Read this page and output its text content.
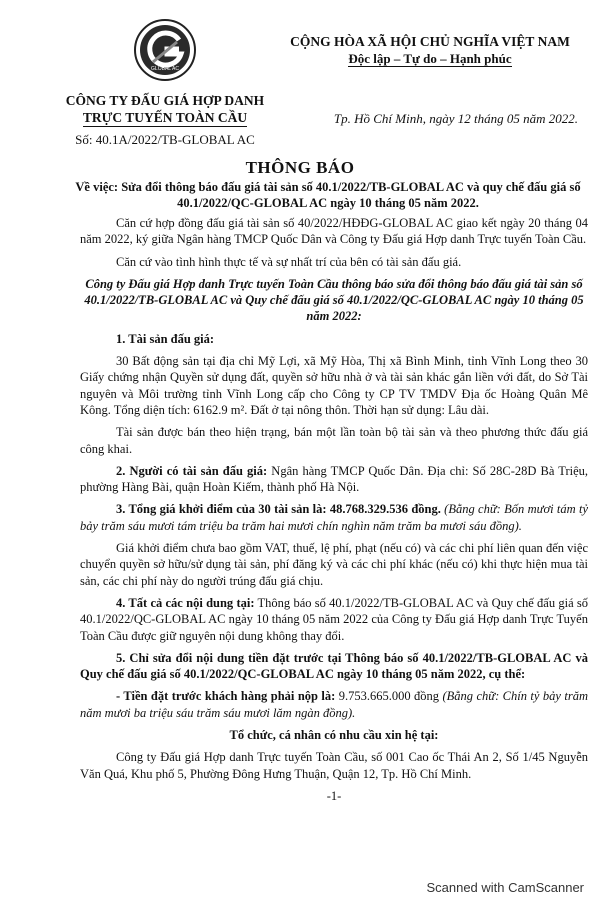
GLOBAL AC
CỘNG HÒA XÃ HỘI CHỦ NGHĨA VIỆT NAM
Độc lập – Tự do – Hạnh phúc
CÔNG TY ĐẤU GIÁ HỢP DANH
TRỰC TUYẾN TOÀN CẦU
Số: 40.1A/2022/TB-GLOBAL AC
Tp. Hồ Chí Minh, ngày 12 tháng 05 năm 2022.
THÔNG BÁO
Về việc: Sửa đổi thông báo đấu giá tài sản số 40.1/2022/TB-GLOBAL AC và quy chế đấu giá số 40.1/2022/QC-GLOBAL AC ngày 10 tháng 05 năm 2022.

Căn cứ hợp đồng đấu giá tài sản số 40/2022/HĐĐG-GLOBAL AC giao kết ngày 20 tháng 04 năm 2022, ký giữa Ngân hàng TMCP Quốc Dân và Công ty Đấu giá Hợp danh Trực tuyến Toàn Cầu.

Căn cứ vào tình hình thực tế và sự nhất trí của bên có tài sản đấu giá.

Công ty Đấu giá Hợp danh Trực tuyến Toàn Cầu thông báo sửa đổi thông báo đấu giá tài sản số 40.1/2022/TB-GLOBAL AC và Quy chế đấu giá số 40.1/2022/QC-GLOBAL AC ngày 10 tháng 05 năm 2022:

1. Tài sản đấu giá:

30 Bất động sản tại địa chỉ Mỹ Lợi, xã Mỹ Hòa, Thị xã Bình Minh, tỉnh Vĩnh Long theo 30 Giấy chứng nhận Quyền sử dụng đất, quyền sở hữu nhà ở và tài sản khác gắn liền với đất, do Sở Tài nguyên và Môi trường tỉnh Vĩnh Long cấp cho Công ty CP TV TMDV Địa ốc Hoàng Quân Mê Kông. Tổng diện tích: 6162.9 m². Đất ở tại nông thôn. Thời hạn sử dụng: Lâu dài.

Tài sản được bán theo hiện trạng, bán một lần toàn bộ tài sản và theo phương thức đấu giá công khai.

2. Người có tài sản đấu giá: Ngân hàng TMCP Quốc Dân. Địa chỉ: Số 28C-28D Bà Triệu, phường Hàng Bài, quận Hoàn Kiếm, thành phố Hà Nội.

3. Tổng giá khởi điểm của 30 tài sản là: 48.768.329.536 đồng. (Bằng chữ: Bốn mươi tám tỷ bảy trăm sáu mươi tám triệu ba trăm hai mươi chín nghìn năm trăm ba mươi sáu đồng).

Giá khởi điểm chưa bao gồm VAT, thuế, lệ phí, phạt (nếu có) và các chi phí liên quan đến việc chuyển quyền sở hữu/sử dụng tài sản, phí đăng ký và các chi phí khác (nếu có) khi thực hiện mua tài sản, các chi phí này do người trúng đấu giá chịu.

4. Tất cả các nội dung tại: Thông báo số 40.1/2022/TB-GLOBAL AC và Quy chế đấu giá số 40.1/2022/QC-GLOBAL AC ngày 10 tháng 05 năm 2022 của Công ty Đấu giá Hợp danh Trực Tuyến Toàn Cầu được giữ nguyên nội dung không thay đổi.

5. Chỉ sửa đổi nội dung tiền đặt trước tại Thông báo số 40.1/2022/TB-GLOBAL AC và Quy chế đấu giá số 40.1/2022/QC-GLOBAL AC ngày 10 tháng 05 năm 2022, cụ thể:

- Tiền đặt trước khách hàng phải nộp là: 9.753.665.000 đồng (Bằng chữ: Chín tỷ bảy trăm năm mươi ba triệu sáu trăm sáu mươi lăm ngàn đồng).

Tổ chức, cá nhân có nhu cầu xin hệ tại:

Công ty Đấu giá Hợp danh Trực tuyến Toàn Cầu, số 001 Cao ốc Thái An 2, Số 1/45 Nguyễn Văn Quá, Khu phố 5, Phường Đông Hưng Thuận, Quận 12, Tp. Hồ Chí Minh.

-1-

Scanned with CamScanner
